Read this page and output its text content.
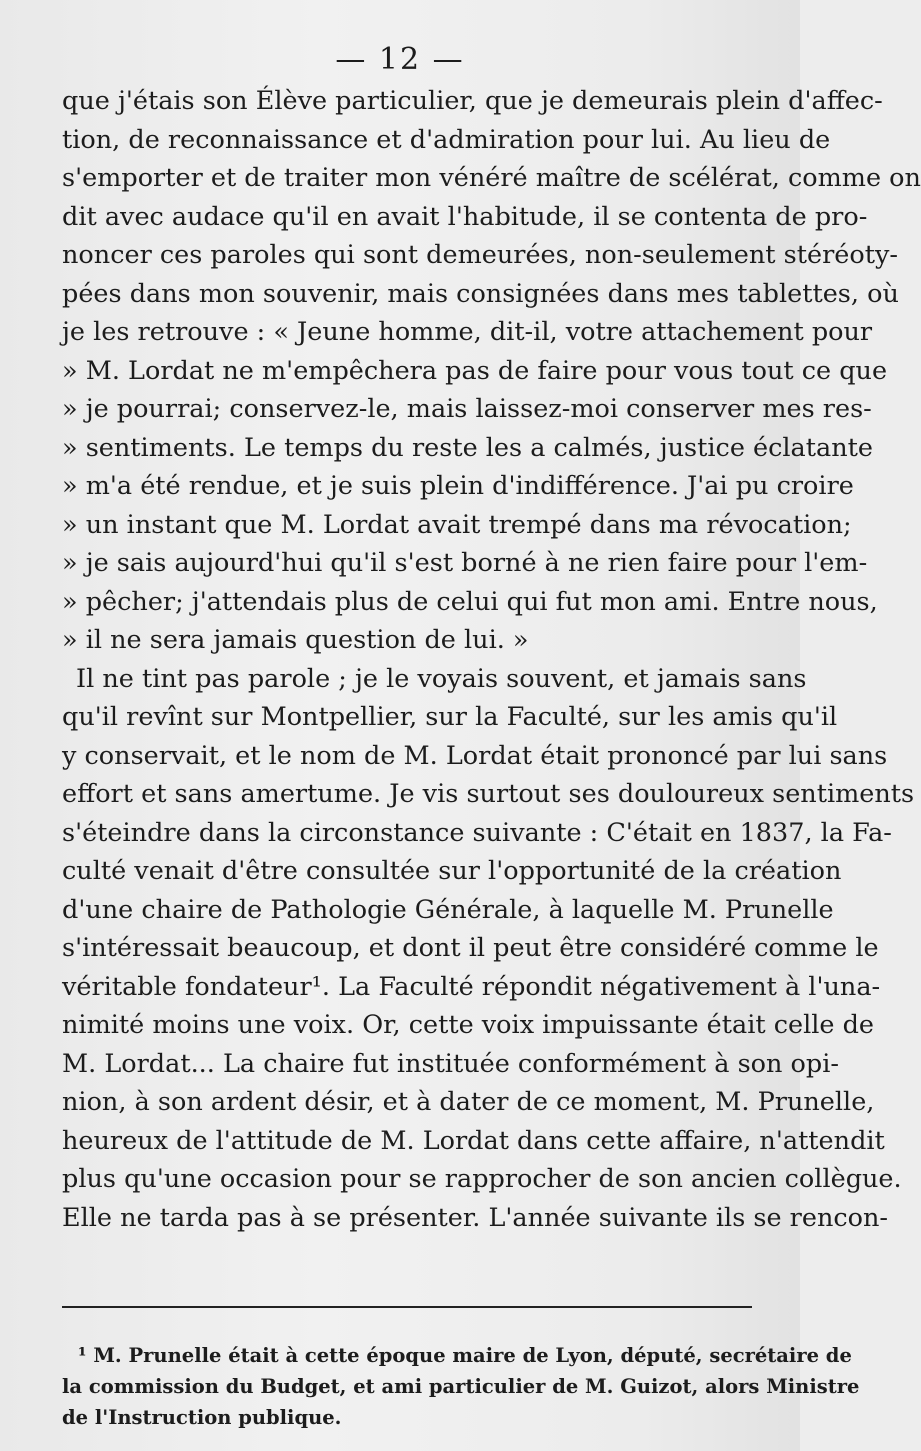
— 12 —
que j'étais son Élève particulier, que je demeurais plein d'affec-
tion, de reconnaissance et d'admiration pour lui. Au lieu de
s'emporter et de traiter mon vénéré maître de scélérat, comme on
dit avec audace qu'il en avait l'habitude, il se contenta de pro-
noncer ces paroles qui sont demeurées, non-seulement stéréoty-
pées dans mon souvenir, mais consignées dans mes tablettes, où
je les retrouve : « Jeune homme, dit-il, votre attachement pour
» M. Lordat ne m'empêchera pas de faire pour vous tout ce que
» je pourrai; conservez-le, mais laissez-moi conserver mes res-
» sentiments. Le temps du reste les a calmés, justice éclatante
» m'a été rendue, et je suis plein d'indifférence. J'ai pu croire
» un instant que M. Lordat avait trempé dans ma révocation;
» je sais aujourd'hui qu'il s'est borné à ne rien faire pour l'em-
» pêcher; j'attendais plus de celui qui fut mon ami. Entre nous,
» il ne sera jamais question de lui. »
Il ne tint pas parole ; je le voyais souvent, et jamais sans
qu'il revînt sur Montpellier, sur la Faculté, sur les amis qu'il
y conservait, et le nom de M. Lordat était prononcé par lui sans
effort et sans amertume. Je vis surtout ses douloureux sentiments
s'éteindre dans la circonstance suivante : C'était en 1837, la Fa-
culté venait d'être consultée sur l'opportunité de la création
d'une chaire de Pathologie Générale, à laquelle M. Prunelle
s'intéressait beaucoup, et dont il peut être considéré comme le
véritable fondateur¹. La Faculté répondit négativement à l'una-
nimité moins une voix. Or, cette voix impuissante était celle de
M. Lordat... La chaire fut instituée conformément à son opi-
nion, à son ardent désir, et à dater de ce moment, M. Prunelle,
heureux de l'attitude de M. Lordat dans cette affaire, n'attendit
plus qu'une occasion pour se rapprocher de son ancien collègue.
Elle ne tarda pas à se présenter. L'année suivante ils se rencon-
¹ M. Prunelle était à cette époque maire de Lyon, député, secrétaire de
la commission du Budget, et ami particulier de M. Guizot, alors Ministre
de l'Instruction publique.
